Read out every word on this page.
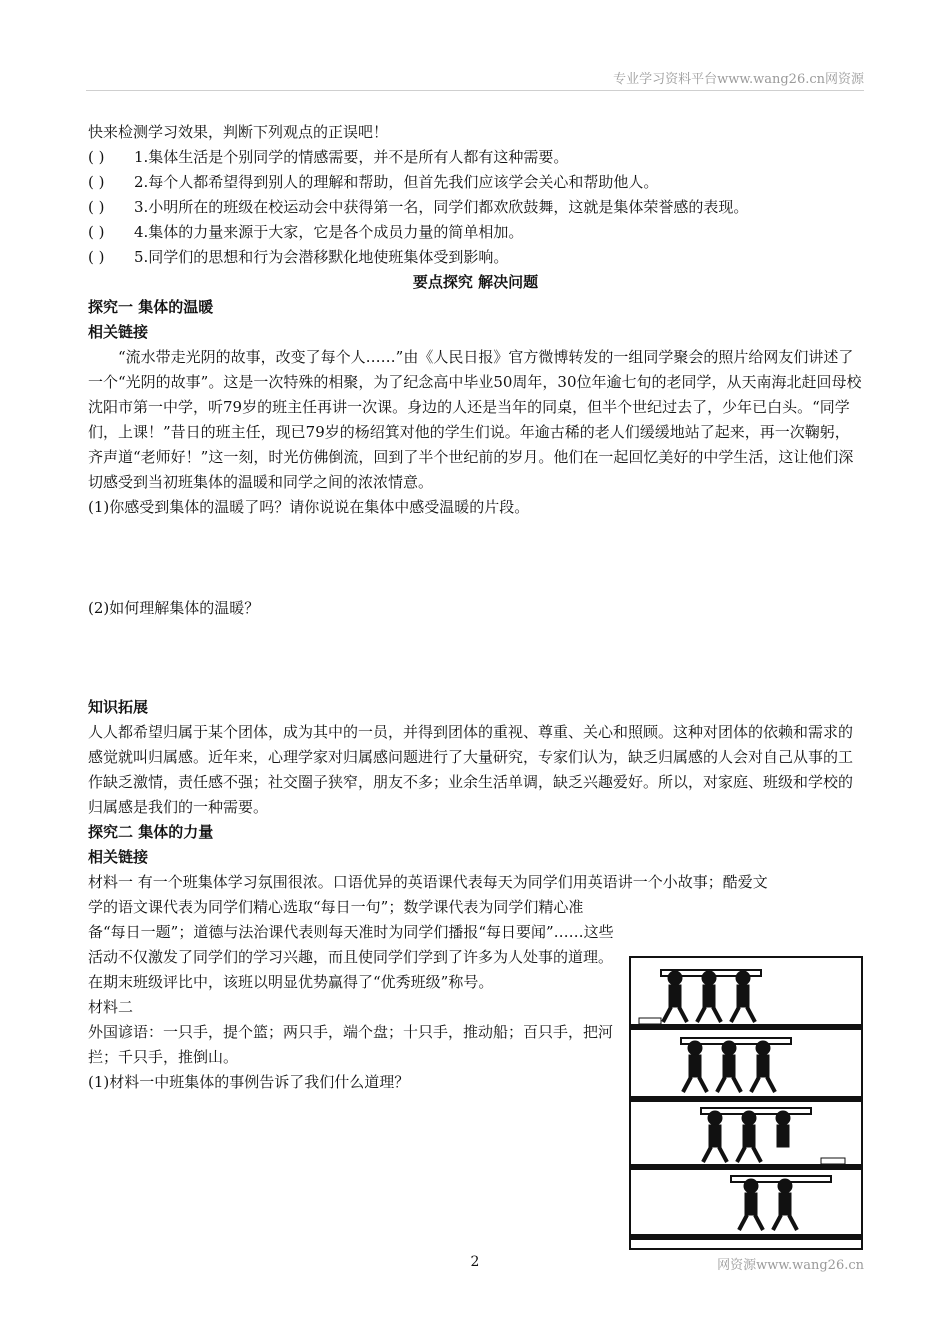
专业学习资料平台www.wang26.cn网资源

快来检测学习效果，判断下列观点的正误吧！

( )	1.集体生活是个别同学的情感需要，并不是所有人都有这种需要。
( )	2.每个人都希望得到别人的理解和帮助，但首先我们应该学会关心和帮助他人。
( )	3.小明所在的班级在校运动会中获得第一名，同学们都欢欣鼓舞，这就是集体荣誉感的表现。
( )	4.集体的力量来源于大家，它是各个成员力量的简单相加。
( )	5.同学们的思想和行为会潜移默化地使班集体受到影响。

要点探究 解决问题

探究一 集体的温暖

相关链接

“流水带走光阴的故事，改变了每个人……”由《人民日报》官方微博转发的一组同学聚会的照片给网友们讲述了一个“光阴的故事”。这是一次特殊的相聚，为了纪念高中毕业50周年，30位年逾七旬的老同学，从天南海北赶回母校沈阳市第一中学，听79岁的班主任再讲一次课。身边的人还是当年的同桌，但半个世纪过去了，少年已白头。“同学们，上课！”昔日的班主任，现已79岁的杨绍箕对他的学生们说。年逾古稀的老人们缓缓地站了起来，再一次鞠躬，齐声道“老师好！”这一刻，时光仿佛倒流，回到了半个世纪前的岁月。他们在一起回忆美好的中学生活，这让他们深切感受到当初班集体的温暖和同学之间的浓浓情意。

(1)你感受到集体的温暖了吗？请你说说在集体中感受温暖的片段。

(2)如何理解集体的温暖？

知识拓展

人人都希望归属于某个团体，成为其中的一员，并得到团体的重视、尊重、关心和照顾。这种对团体的依赖和需求的感觉就叫归属感。近年来，心理学家对归属感问题进行了大量研究，专家们认为，缺乏归属感的人会对自己从事的工作缺乏激情，责任感不强；社交圈子狭窄，朋友不多；业余生活单调，缺乏兴趣爱好。所以，对家庭、班级和学校的归属感是我们的一种需要。

探究二 集体的力量

相关链接

材料一 有一个班集体学习氛围很浓。口语优异的英语课代表每天为同学们用英语讲一个小故事；酷爱文

学的语文课代表为同学们精心选取“每日一句”；数学课代表为同学们精心准备“每日一题”；道德与法治课代表则每天准时为同学们播报“每日要闻”……这些活动不仅激发了同学们的学习兴趣，而且使同学们学到了许多为人处事的道理。在期末班级评比中，该班以明显优势赢得了“优秀班级”称号。

材料二

外国谚语：一只手，提个篮；两只手，端个盘；十只手，推动船；百只手，把河拦；千只手，推倒山。

(1)材料一中班集体的事例告诉了我们什么道理？

2	网资源www.wang26.cn
